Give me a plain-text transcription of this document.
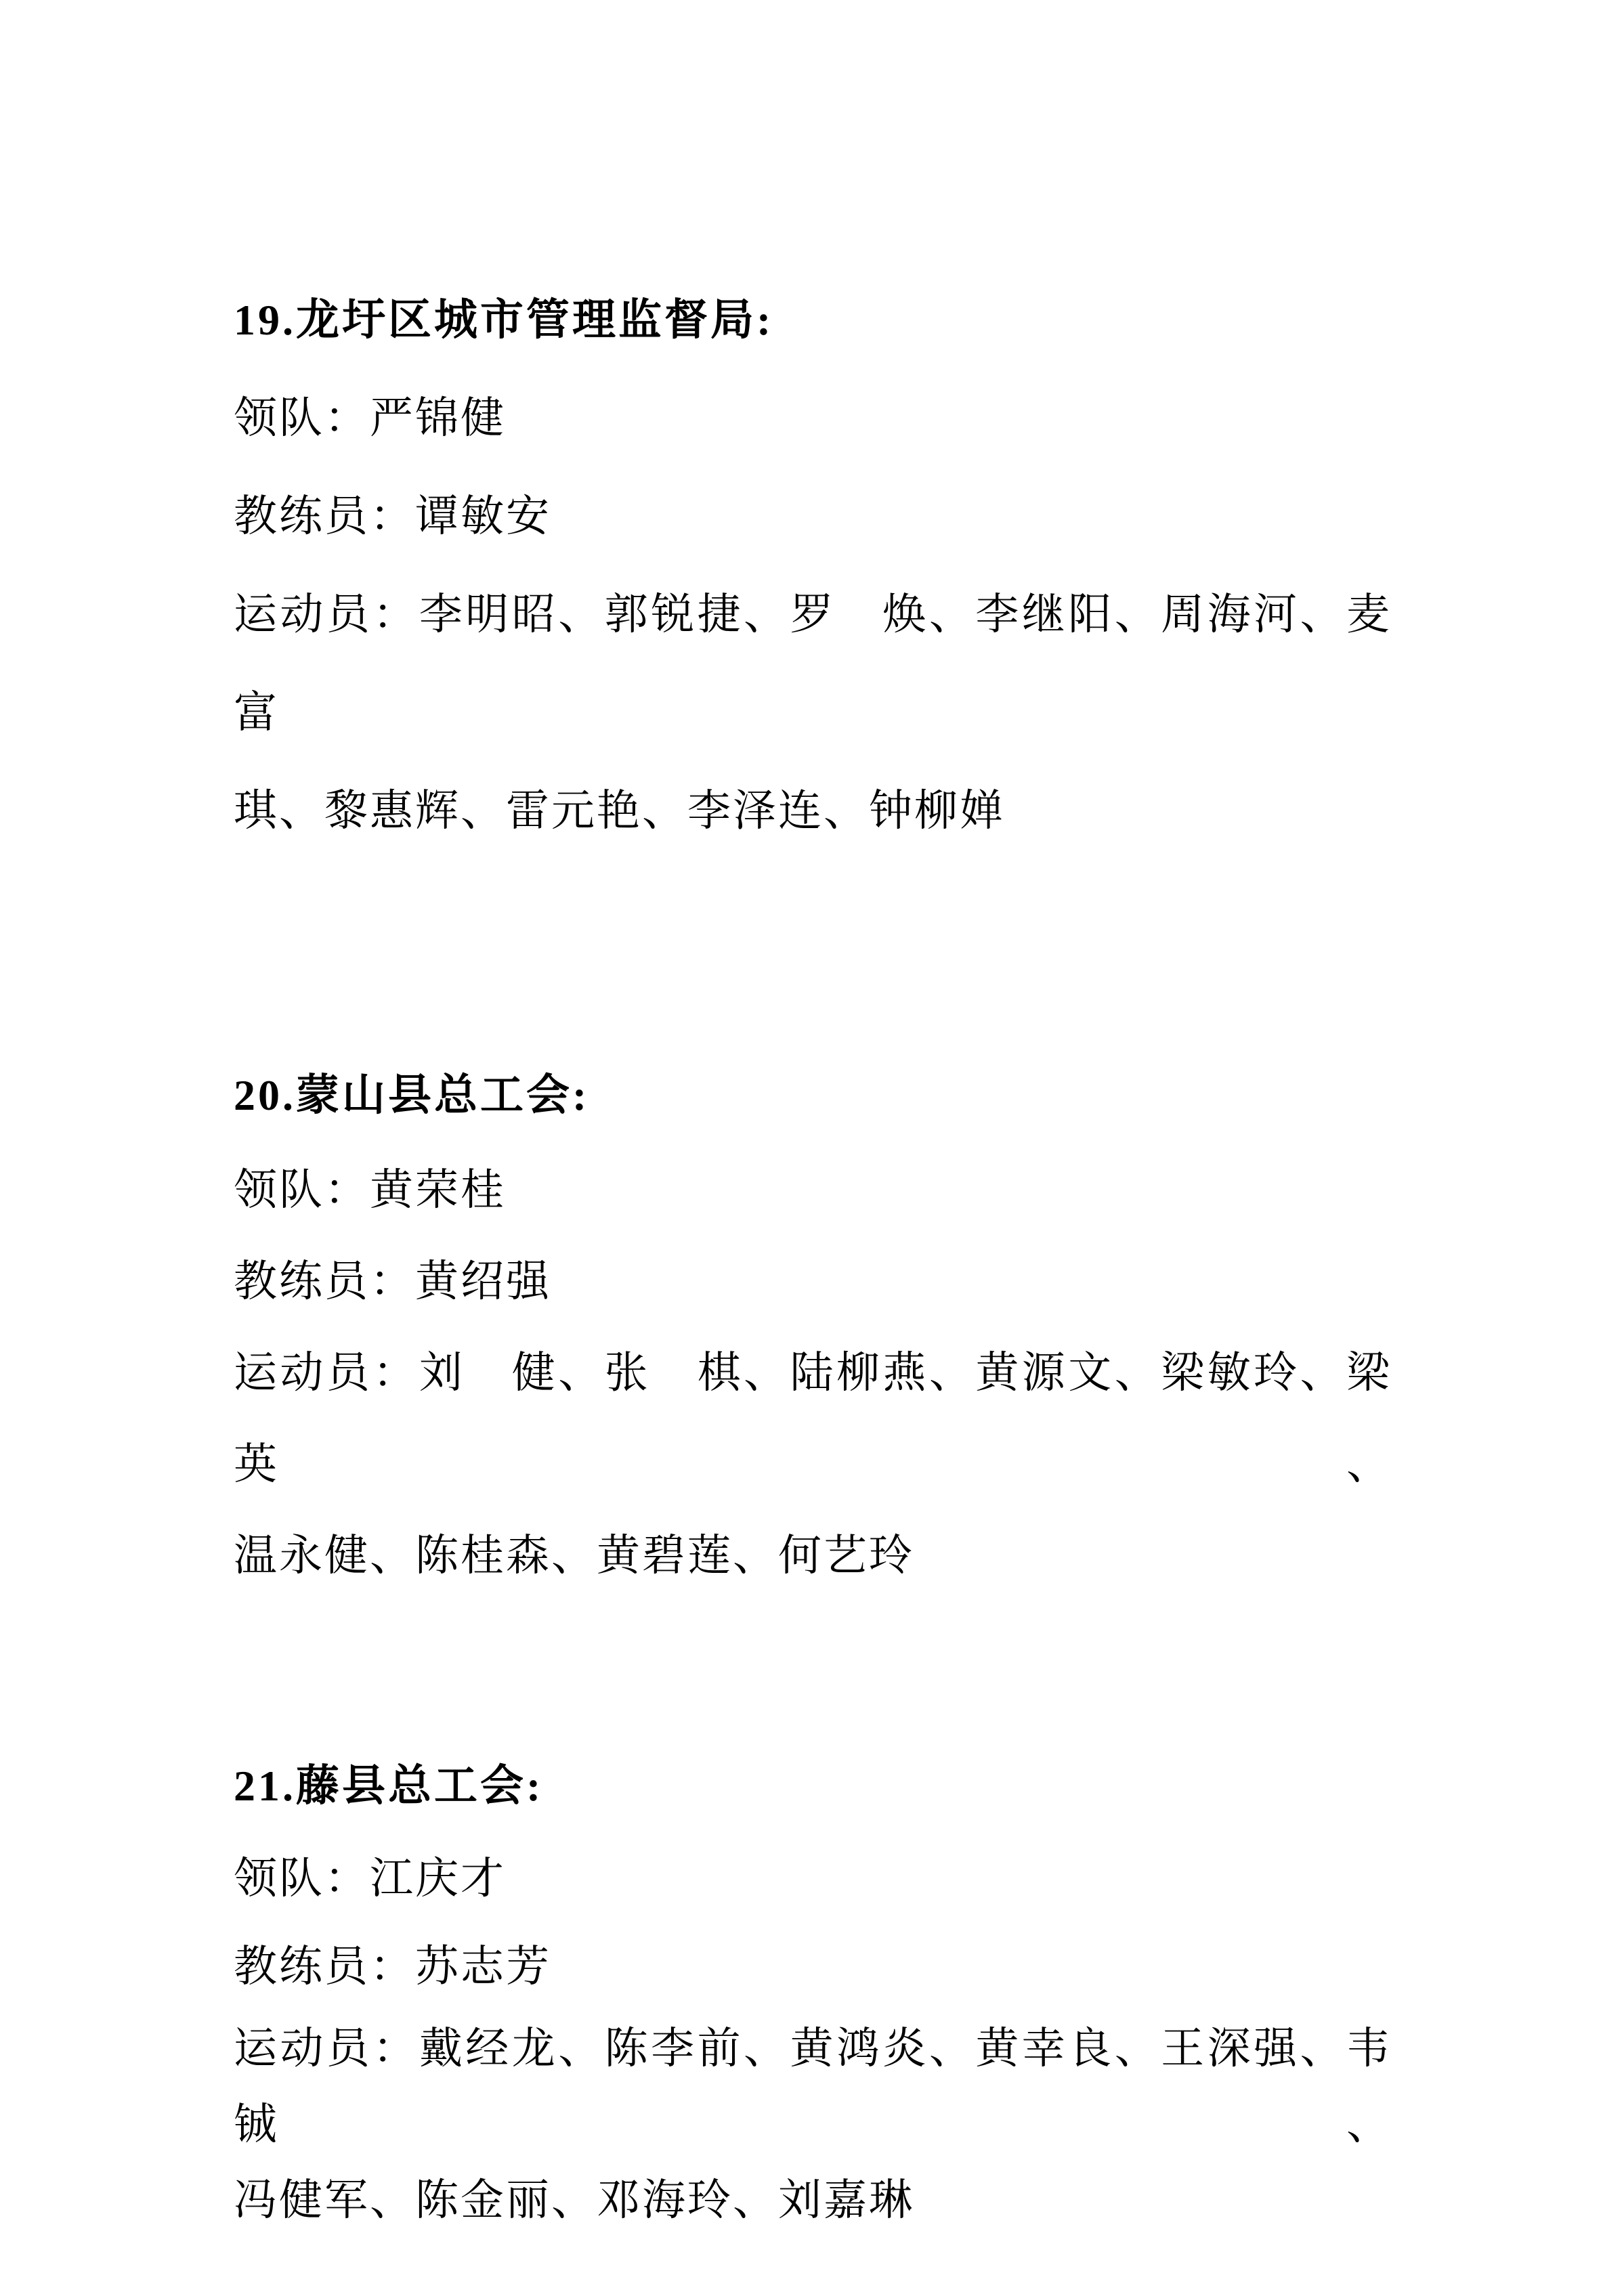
19.龙圩区城市管理监督局:

领队：严锦健

教练员：谭敏安

运动员：李明昭、郭锐捷、罗　焕、李继阳、周海河、麦富

琪、黎惠辉、雷元艳、李泽连、钟柳婵

20.蒙山县总工会:

领队：黄荣桂

教练员：黄绍强

运动员：刘　健、张　棋、陆柳燕、黄源文、梁敏玲、梁英、

温永健、陈桂森、黄碧莲、何艺玲

21.藤县总工会:

领队：江庆才

教练员：苏志芳

运动员：戴经龙、陈李前、黄鸿炎、黄幸良、王深强、韦铖、

冯健军、陈金丽、邓海玲、刘嘉琳
